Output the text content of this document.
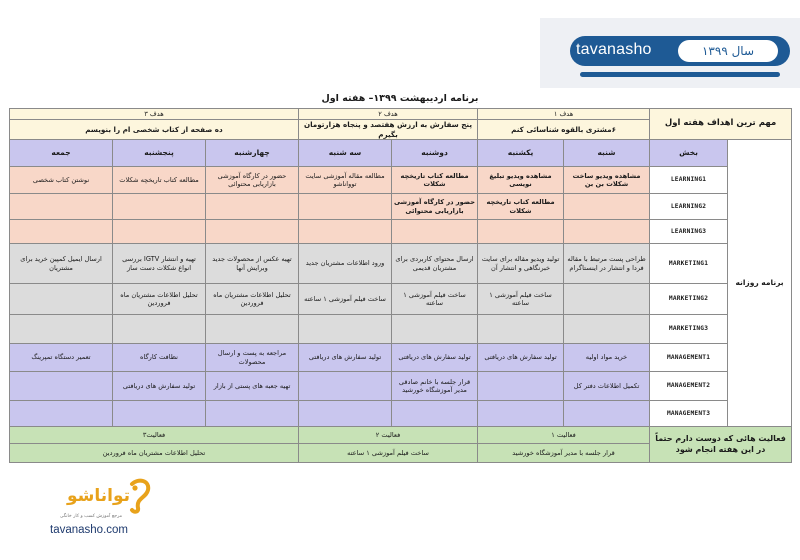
tavanasho	سال ۱۳۹۹
برنامه اردیبهشت ۱۳۹۹– هفته اول
مهم ترین اهداف هفته اول		هدف ۱		هدف ۲		هدف ۳		
		۶مشتری بالقوه شناسائی کنم		پنج سفارش به ارزش هفتصد و پنجاه هزارتومان بگیرم		ده صفحه از کتاب شخصی ام را بنویسم		
برنامه روزانه	بخش	شنبه	یکشنبه	دوشنبه	سه شنبه	چهارشنبه	پنجشنبه	جمعه
	LEARNING1	مشاهده ویدیو ساخت شکلات بن بن	مشاهده ویدیو تبلیغ نویسی	مطالعه کتاب تاریخچه شکلات	مطالعه مقاله آموزشی سایت توواناشو	حضور در کارگاه آموزشی بازاریابی محتوائی	مطالعه کتاب تاریخچه شکلات	نوشتن کتاب شخصی
	LEARNING2		مطالعه کتاب تاریخچه شکلات	حضور در کارگاه آموزشی بازاریابی محتوائی				
	LEARNING3							
	MARKETING1	طراحی پست مرتبط با مقاله فردا و انتشار در اینستاگرام	تولید ویدیو مقاله برای سایت خبرنگاهی و انتشار آن	ارسال محتوای کاربردی برای مشتریان قدیمی	ورود اطلاعات مشتریان جدید	تهیه عکس از محصولات جدید وبرایش آنها	تهیه و انتشار IGTV بررسی انواع شکلات دست ساز	ارسال ایمیل کمپین خرید برای مشتریان
	MARKETING2		ساخت فیلم آموزشی ۱ ساعته	ساخت فیلم آموزشی ۱ ساعته	ساخت فیلم آموزشی ۱ ساعته	تحلیل اطلاعات مشتریان ماه فروردین	تحلیل اطلاعات مشتریان ماه فروردین	
	MARKETING3							
	MANAGEMENT1	خرید مواد اولیه	تولید سفارش های دریافتی	تولید سفارش های دریافتی	تولید سفارش های دریافتی	مراجعه به پست و ارسال محصولات	نظافت کارگاه	تعمیر دستگاه تمپرینگ
	MANAGEMENT2	تکمیل اطلاعات دفتر کل		قرار جلسه با خانم صادقی مدیر آموزشگاه خورشید		تهیه جعبه های پستی از بازار	تولید سفارش های دریافتی	
	MANAGEMENT3							
فعالیت هائی که دوست دارم حتماً در این هفته انجام شود		فعالیت ۱		فعالیت ۲		فعالیت۳		
		قرار جلسه با مدیر آموزشگاه خورشید		ساخت فیلم آموزشی ۱ ساعته		تحلیل اطلاعات مشتریان ماه فروردین		
تواناشو
مرجع آموزش کسب و کار خانگی
tavanasho.com
